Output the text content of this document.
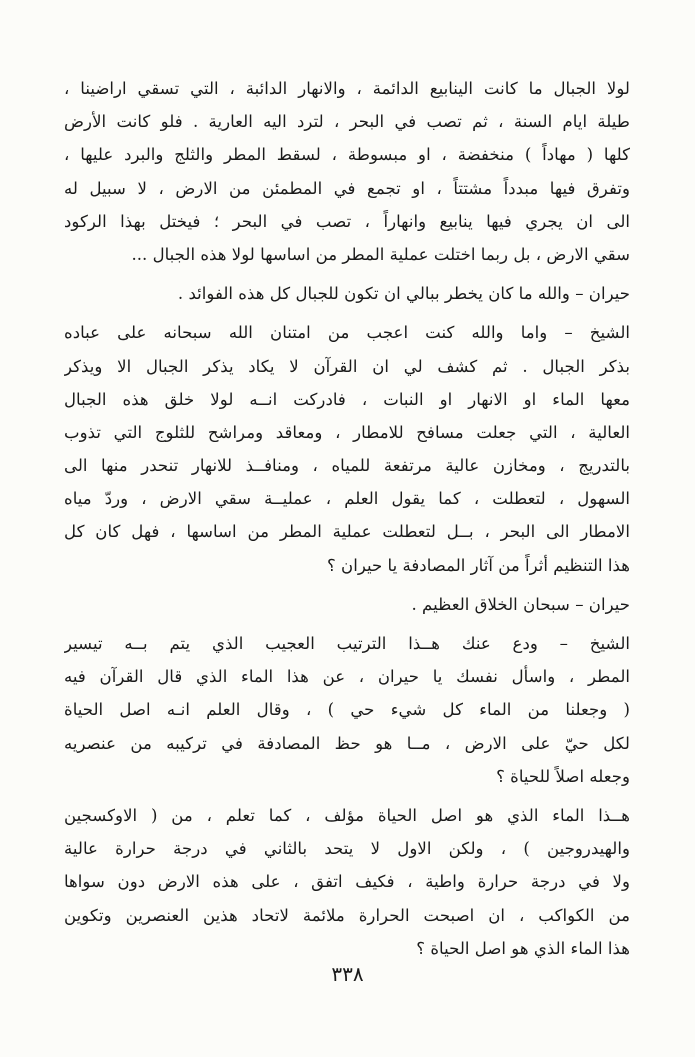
لولا الجبال ما كانت الينابيع الدائمة ، والانهار الدائبة ، التي تسقي اراضينا ،
طيلة ايام السنة ، ثم تصب في البحر ، لترد اليه العارية . فلو كانت الأرض
كلها ( مهاداً ) منخفضة ، او مبسوطة ، لسقط المطر والثلج والبرد عليها ،
وتفرق فيها مبدداً مشتتاً ، او تجمع في المطمئن من الارض ، لا سبيل له
الى ان يجري فيها ينابيع وانهاراً ، تصب في البحر ؛ فيختل بهذا الركود
سقي الارض ، بل ربما اختلت عملية المطر من اساسها لولا هذه الجبال ...
حيران – والله ما كان يخطر ببالي ان تكون للجبال كل هذه الفوائد .
الشيخ – واما والله كنت اعجب من امتنان الله سبحانه على عباده
بذكر الجبال . ثم كشف لي ان القرآن لا يكاد يذكر الجبال الا ويذكر
معها الماء او الانهار او النبات ، فادركت انــه لولا خلق هذه الجبال
العالية ، التي جعلت مسافح للامطار ، ومعاقد ومراشح للثلوج التي تذوب
بالتدريج ، ومخازن عالية مرتفعة للمياه ، ومنافــذ للانهار تنحدر منها الى
السهول ، لتعطلت ، كما يقول العلم ، عمليــة سقي الارض ، وردّ مياه
الامطار الى البحر ، بــل لتعطلت عملية المطر من اساسها ، فهل كان كل
هذا التنظيم أثراً من آثار المصادفة يا حيران ؟
حيران – سبحان الخلاق العظيم .
الشيخ – ودع عنك هــذا الترتيب العجيب الذي يتم بــه تيسير
المطر ، واسأل نفسك يا حيران ، عن هذا الماء الذي قال القرآن فيه
( وجعلنا من الماء كل شيء حي ) ، وقال العلم انـه اصل الحياة
لكل حيّ على الارض ، مــا هو حظ المصادفة في تركيبه من عنصريه
وجعله اصلاً للحياة ؟
هــذا الماء الذي هو اصل الحياة مؤلف ، كما تعلم ، من ( الاوكسجين
والهيدروجين ) ، ولكن الاول لا يتحد بالثاني في درجة حرارة عالية
ولا في درجة حرارة واطية ، فكيف اتفق ، على هذه الارض دون سواها
من الكواكب ، ان اصبحت الحرارة ملائمة لاتحاد هذين العنصرين وتكوين
هذا الماء الذي هو اصل الحياة ؟
٣٣٨
